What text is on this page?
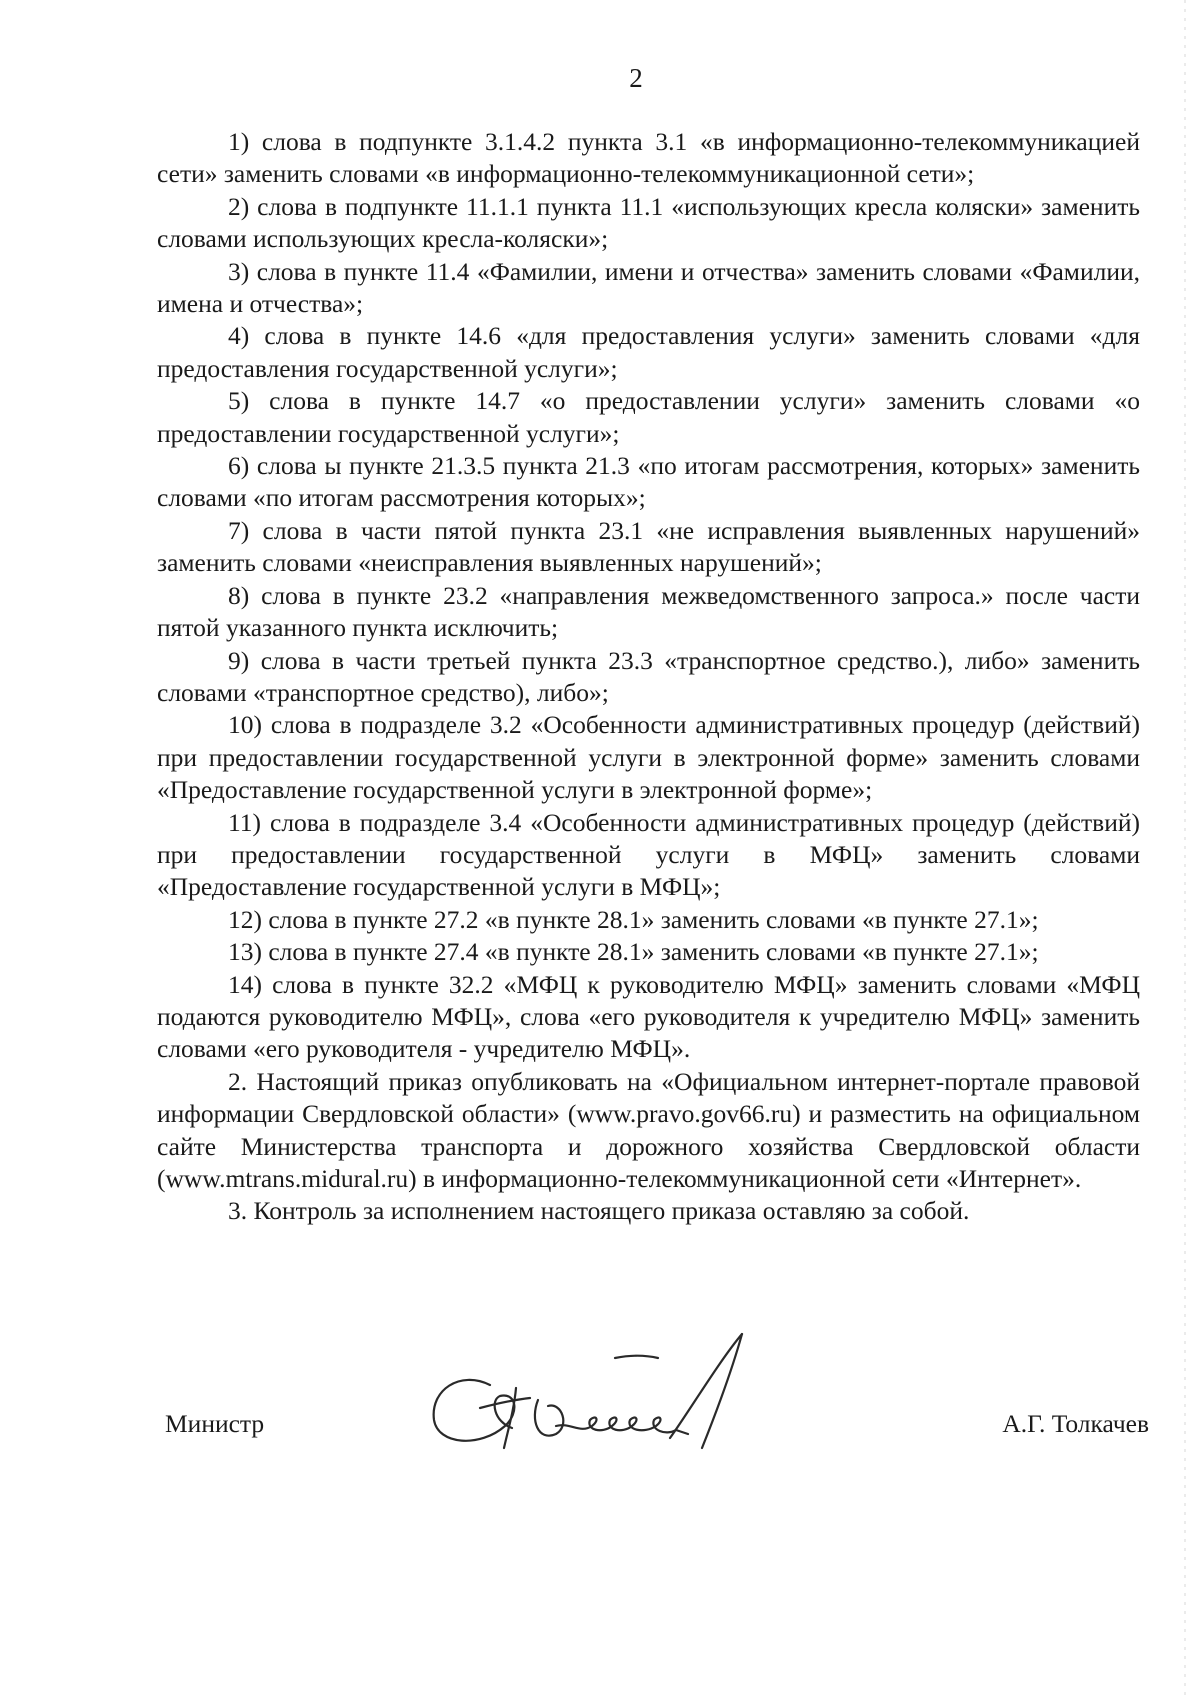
2

1) слова в подпункте 3.1.4.2 пункта 3.1 «в информационно-телекоммуникацией сети» заменить словами «в информационно-телекоммуникационной сети»;

2) слова в подпункте 11.1.1 пункта 11.1 «использующих кресла коляски» заменить словами использующих кресла-коляски»;

3) слова в пункте 11.4 «Фамилии, имени и отчества» заменить словами «Фамилии, имена и отчества»;

4) слова в пункте 14.6 «для предоставления услуги» заменить словами «для предоставления государственной услуги»;

5) слова в пункте 14.7 «о предоставлении услуги» заменить словами «о предоставлении государственной услуги»;

6) слова ы пункте 21.3.5 пункта 21.3 «по итогам рассмотрения, которых» заменить словами «по итогам рассмотрения которых»;

7) слова в части пятой пункта 23.1 «не исправления выявленных нарушений» заменить словами «неисправления выявленных нарушений»;

8) слова в пункте 23.2 «направления межведомственного запроса.» после части пятой указанного пункта исключить;

9) слова в части третьей пункта 23.3 «транспортное средство.), либо» заменить словами «транспортное средство), либо»;

10) слова в подразделе 3.2 «Особенности административных процедур (действий) при предоставлении государственной услуги в электронной форме» заменить словами «Предоставление государственной услуги в электронной форме»;

11) слова в подразделе 3.4 «Особенности административных процедур (действий) при предоставлении государственной услуги в МФЦ» заменить словами «Предоставление государственной услуги в МФЦ»;

12) слова в пункте 27.2 «в пункте 28.1» заменить словами «в пункте 27.1»;

13) слова в пункте 27.4 «в пункте 28.1» заменить словами «в пункте 27.1»;

14) слова в пункте 32.2 «МФЦ к руководителю МФЦ» заменить словами «МФЦ подаются руководителю МФЦ», слова «его руководителя к учредителю МФЦ» заменить словами «его руководителя - учредителю МФЦ».

2. Настоящий приказ опубликовать на «Официальном интернет-портале правовой информации Свердловской области» (www.pravo.gov66.ru) и разместить на официальном сайте Министерства транспорта и дорожного хозяйства Свердловской области (www.mtrans.midural.ru) в информационно-телекоммуникационной сети «Интернет».

3. Контроль за исполнением настоящего приказа оставляю за собой.

Министр	А.Г. Толкачев
